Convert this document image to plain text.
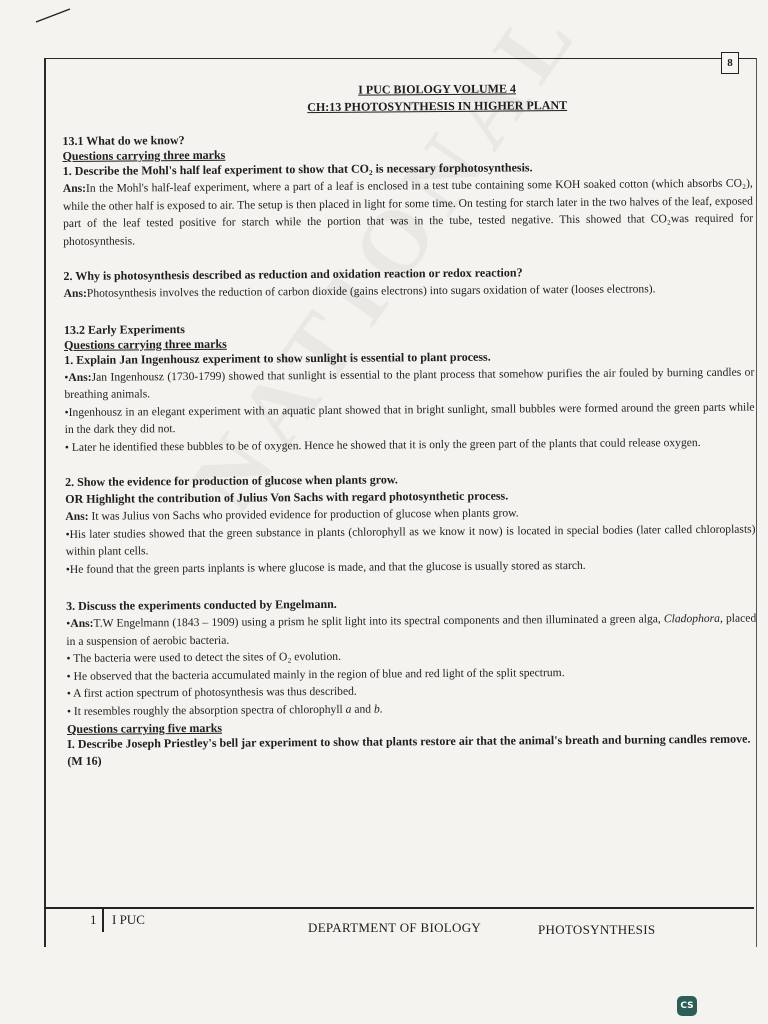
8

I PUC BIOLOGY VOLUME 4
CH:13 PHOTOSYNTHESIS IN HIGHER PLANT

13.1 What do we know?

Questions carrying three marks

1. Describe the Mohl's half leaf experiment to show that CO₂ is necessary forphotosynthesis.

Ans:In the Mohl's half-leaf experiment, where a part of a leaf is enclosed in a test tube containing some KOH soaked cotton (which absorbs CO₂), while the other half is exposed to air. The setup is then placed in light for some time. On testing for starch later in the two halves of the leaf, exposed part of the leaf tested positive for starch while the portion that was in the tube, tested negative. This showed that CO₂was required for photosynthesis.

2. Why is photosynthesis described as reduction and oxidation reaction or redox reaction?

Ans:Photosynthesis involves the reduction of carbon dioxide (gains electrons) into sugars oxidation of water (looses electrons).

13.2 Early Experiments

Questions carrying three marks

1. Explain Jan Ingenhousz experiment to show sunlight is essential to plant process.

•Ans:Jan Ingenhousz (1730-1799) showed that sunlight is essential to the plant process that somehow purifies the air fouled by burning candles or breathing animals.

•Ingenhousz in an elegant experiment with an aquatic plant showed that in bright sunlight, small bubbles were formed around the green parts while in the dark they did not.

• Later he identified these bubbles to be of oxygen. Hence he showed that it is only the green part of the plants that could release oxygen.

2. Show the evidence for production of glucose when plants grow.

OR Highlight the contribution of Julius Von Sachs with regard photosynthetic process.

Ans: It was Julius von Sachs who provided evidence for production of glucose when plants grow.

•His later studies showed that the green substance in plants (chlorophyll as we know it now) is located in special bodies (later called chloroplasts) within plant cells.

•He found that the green parts inplants is where glucose is made, and that the glucose is usually stored as starch.

3. Discuss the experiments conducted by Engelmann.

•Ans:T.W Engelmann (1843 – 1909) using a prism he split light into its spectral components and then illuminated a green alga, Cladophora, placed in a suspension of aerobic bacteria.

• The bacteria were used to detect the sites of O₂ evolution.

• He observed that the bacteria accumulated mainly in the region of blue and red light of the split spectrum.

• A first action spectrum of photosynthesis was thus described.

• It resembles roughly the absorption spectra of chlorophyll a and b.

Questions carrying five marks

I. Describe Joseph Priestley's bell jar experiment to show that plants restore air that the animal's breath and burning candles remove. (M 16)

1 I PUC
DEPARTMENT OF BIOLOGY	PHOTOSYNTHESIS
CS
